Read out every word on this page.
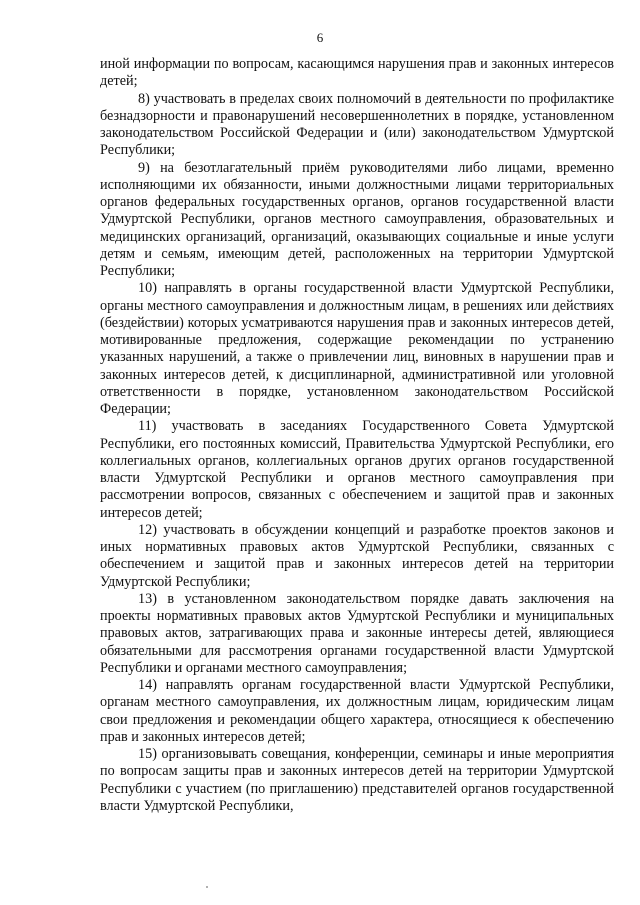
6

иной информации по вопросам, касающимся нарушения прав и законных интересов детей;

8) участвовать в пределах своих полномочий в деятельности по профилактике безнадзорности и правонарушений несовершеннолетних в порядке, установленном законодательством Российской Федерации и (или) законодательством Удмуртской Республики;

9) на безотлагательный приём руководителями либо лицами, временно исполняющими их обязанности, иными должностными лицами территориальных органов федеральных государственных органов, органов государственной власти Удмуртской Республики, органов местного самоуправления, образовательных и медицинских организаций, организаций, оказывающих социальные и иные услуги детям и семьям, имеющим детей, расположенных на территории Удмуртской Республики;

10) направлять в органы государственной власти Удмуртской Республики, органы местного самоуправления и должностным лицам, в решениях или действиях (бездействии) которых усматриваются нарушения прав и законных интересов детей, мотивированные предложения, содержащие рекомендации по устранению указанных нарушений, а также о привлечении лиц, виновных в нарушении прав и законных интересов детей, к дисциплинарной, административной или уголовной ответственности в порядке, установленном законодательством Российской Федерации;

11) участвовать в заседаниях Государственного Совета Удмуртской Республики, его постоянных комиссий, Правительства Удмуртской Республики, его коллегиальных органов, коллегиальных органов других органов государственной власти Удмуртской Республики и органов местного самоуправления при рассмотрении вопросов, связанных с обеспечением и защитой прав и законных интересов детей;

12) участвовать в обсуждении концепций и разработке проектов законов и иных нормативных правовых актов Удмуртской Республики, связанных с обеспечением и защитой прав и законных интересов детей на территории Удмуртской Республики;

13) в установленном законодательством порядке давать заключения на проекты нормативных правовых актов Удмуртской Республики и муниципальных правовых актов, затрагивающих права и законные интересы детей, являющиеся обязательными для рассмотрения органами государственной власти Удмуртской Республики и органами местного самоуправления;

14) направлять органам государственной власти Удмуртской Республики, органам местного самоуправления, их должностным лицам, юридическим лицам свои предложения и рекомендации общего характера, относящиеся к обеспечению прав и законных интересов детей;

15) организовывать совещания, конференции, семинары и иные мероприятия по вопросам защиты прав и законных интересов детей на территории Удмуртской Республики с участием (по приглашению) представителей органов государственной власти Удмуртской Республики,
